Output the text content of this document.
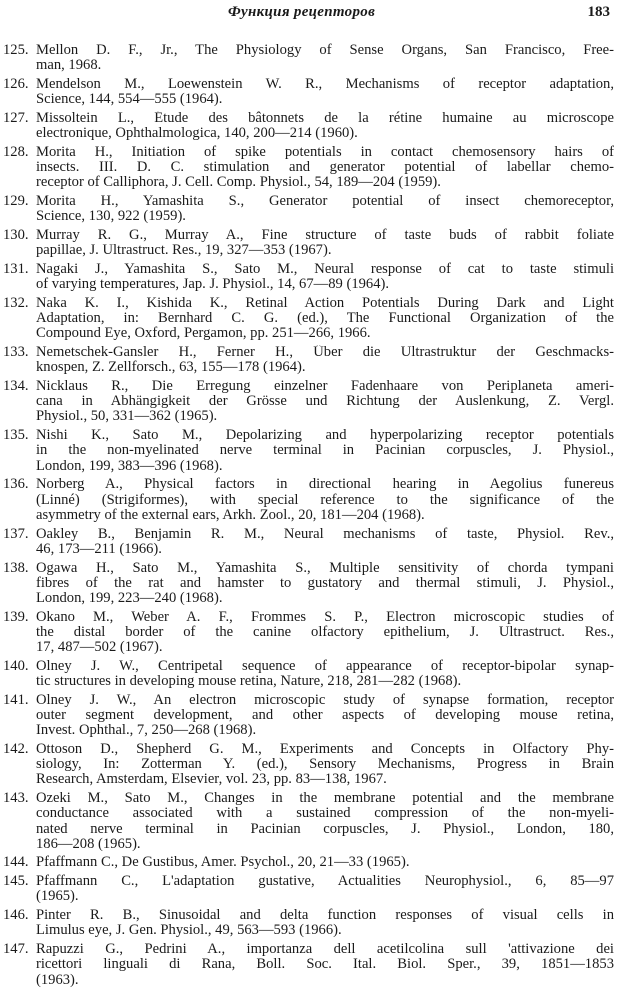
Функция рецепторов	183
125. Mellon D. F., Jr., The Physiology of Sense Organs, San Francisco, Free-
man, 1968.
126. Mendelson M., Loewenstein W. R., Mechanisms of receptor adaptation,
Science, 144, 554—555 (1964).
127. Missoltein L., Étude des bâtonnets de la rétine humaine au microscope
electronique, Ophthalmologica, 140, 200—214 (1960).
128. Morita H., Initiation of spike potentials in contact chemosensory hairs of
insects. III. D. C. stimulation and generator potential of labellar chemo-
receptor of Calliphora, J. Cell. Comp. Physiol., 54, 189—204 (1959).
129. Morita H., Yamashita S., Generator potential of insect chemoreceptor,
Science, 130, 922 (1959).
130. Murray R. G., Murray A., Fine structure of taste buds of rabbit foliate
papillae, J. Ultrastruct. Res., 19, 327—353 (1967).
131. Nagaki J., Yamashita S., Sato M., Neural response of cat to taste stimuli
of varying temperatures, Jap. J. Physiol., 14, 67—89 (1964).
132. Naka K. I., Kishida K., Retinal Action Potentials During Dark and Light
Adaptation, in: Bernhard C. G. (ed.), The Functional Organization of the
Compound Eye, Oxford, Pergamon, pp. 251—266, 1966.
133. Nemetschek-Gansler H., Ferner H., Über die Ultrastruktur der Geschmacks-
knospen, Z. Zellforsch., 63, 155—178 (1964).
134. Nicklaus R., Die Erregung einzelner Fadenhaare von Periplaneta ameri-
cana in Abhängigkeit der Grösse und Richtung der Auslenkung, Z. Vergl.
Physiol., 50, 331—362 (1965).
135. Nishi K., Sato M., Depolarizing and hyperpolarizing receptor potentials
in the non-myelinated nerve terminal in Pacinian corpuscles, J. Physiol.,
London, 199, 383—396 (1968).
136. Norberg A., Physical factors in directional hearing in Aegolius funereus
(Linné) (Strigiformes), with special reference to the significance of the
asymmetry of the external ears, Arkh. Zool., 20, 181—204 (1968).
137. Oakley B., Benjamin R. M., Neural mechanisms of taste, Physiol. Rev.,
46, 173—211 (1966).
138. Ogawa H., Sato M., Yamashita S., Multiple sensitivity of chorda tympani
fibres of the rat and hamster to gustatory and thermal stimuli, J. Physiol.,
London, 199, 223—240 (1968).
139. Okano M., Weber A. F., Frommes S. P., Electron microscopic studies of
the distal border of the canine olfactory epithelium, J. Ultrastruct. Res.,
17, 487—502 (1967).
140. Olney J. W., Centripetal sequence of appearance of receptor-bipolar synap-
tic structures in developing mouse retina, Nature, 218, 281—282 (1968).
141. Olney J. W., An electron microscopic study of synapse formation, receptor
outer segment development, and other aspects of developing mouse retina,
Invest. Ophthal., 7, 250—268 (1968).
142. Ottoson D., Shepherd G. M., Experiments and Concepts in Olfactory Phy-
siology, In: Zotterman Y. (ed.), Sensory Mechanisms, Progress in Brain
Research, Amsterdam, Elsevier, vol. 23, pp. 83—138, 1967.
143. Ozeki M., Sato M., Changes in the membrane potential and the membrane
conductance associated with a sustained compression of the non-myeli-
nated nerve terminal in Pacinian corpuscles, J. Physiol., London, 180,
186—208 (1965).
144. Pfaffmann C., De Gustibus, Amer. Psychol., 20, 21—33 (1965).
145. Pfaffmann C., L'adaptation gustative, Actualities Neurophysiol., 6, 85—97
(1965).
146. Pinter R. B., Sinusoidal and delta function responses of visual cells in
Limulus eye, J. Gen. Physiol., 49, 563—593 (1966).
147. Rapuzzi G., Pedrini A., importanza dell acetilcolina sull 'attivazione dei
ricettori linguali di Rana, Boll. Soc. Ital. Biol. Sper., 39, 1851—1853
(1963).
